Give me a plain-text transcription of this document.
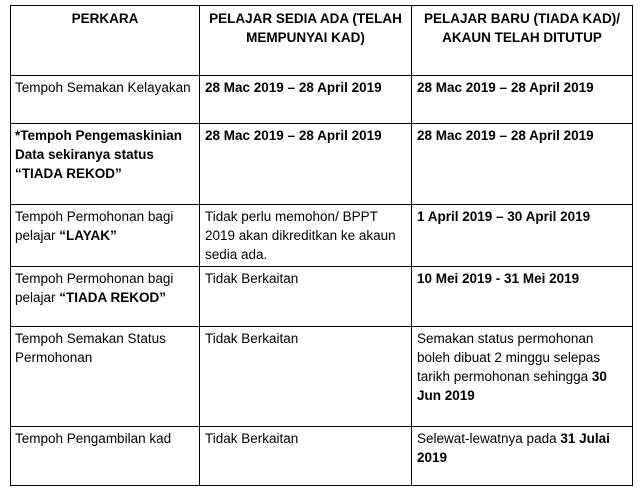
PERKARA	PELAJAR SEDIA ADA (TELAH MEMPUNYAI KAD)	PELAJAR BARU (TIADA KAD)/ AKAUN TELAH DITUTUP
Tempoh Semakan Kelayakan	28 Mac 2019 – 28 April 2019	28 Mac 2019 – 28 April 2019
*Tempoh Pengemaskinian Data sekiranya status “TIADA REKOD”	28 Mac 2019 – 28 April 2019	28 Mac 2019 – 28 April 2019
Tempoh Permohonan bagi pelajar “LAYAK”	Tidak perlu memohon/ BPPT 2019 akan dikreditkan ke akaun sedia ada.	1 April 2019 – 30 April 2019
Tempoh Permohonan bagi pelajar “TIADA REKOD”	Tidak Berkaitan	10 Mei 2019 - 31 Mei 2019
Tempoh Semakan Status Permohonan	Tidak Berkaitan	Semakan status permohonan boleh dibuat 2 minggu selepas tarikh permohonan sehingga 30 Jun 2019
Tempoh Pengambilan kad	Tidak Berkaitan	Selewat-lewatnya pada 31 Julai 2019
